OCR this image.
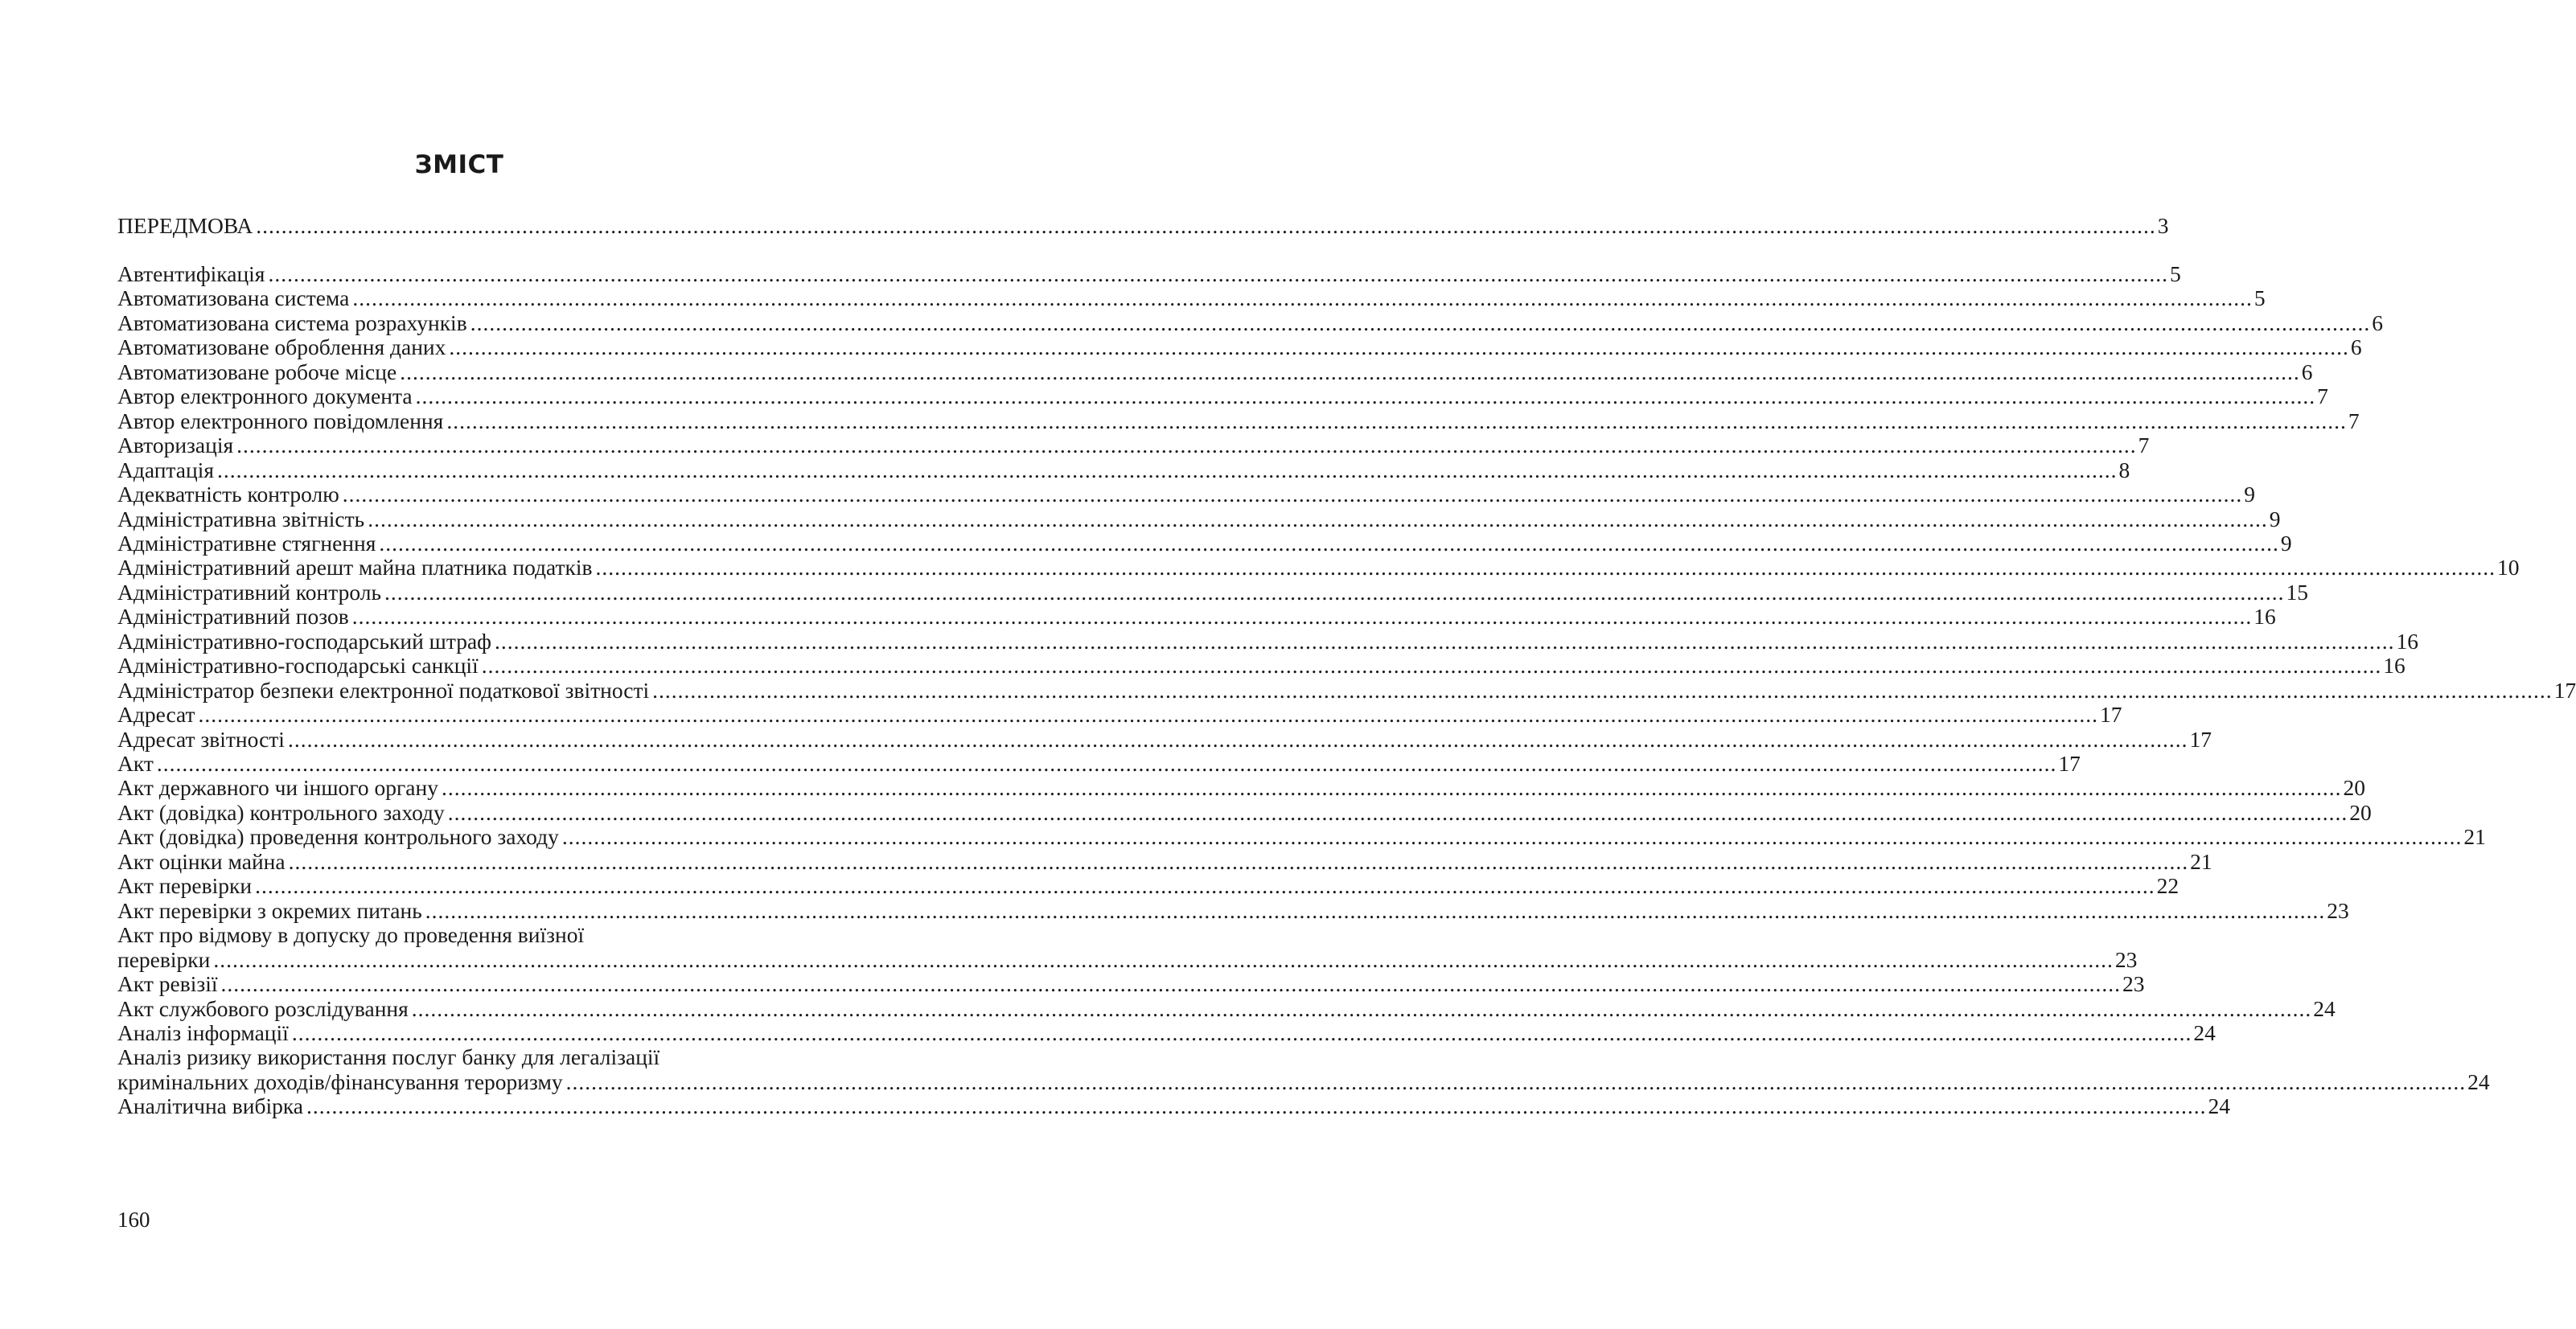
ЗМІСТ
ПЕРЕДМОВА ............................................................................................................................................................................................................................................................................................................ 3
Автентифікація ............................................................................................................................................................................................................................................................................................................ 5
Автоматизована система ............................................................................................................................................................................................................................................................................................................ 5
Автоматизована система розрахунків ............................................................................................................................................................................................................................................................................................................ 6
Автоматизоване оброблення даних ............................................................................................................................................................................................................................................................................................................ 6
Автоматизоване робоче місце ............................................................................................................................................................................................................................................................................................................ 6
Автор електронного документа ............................................................................................................................................................................................................................................................................................................ 7
Автор електронного повідомлення ............................................................................................................................................................................................................................................................................................................ 7
Авторизація ............................................................................................................................................................................................................................................................................................................ 7
Адаптація ............................................................................................................................................................................................................................................................................................................ 8
Адекватність контролю ............................................................................................................................................................................................................................................................................................................ 9
Адміністративна звітність ............................................................................................................................................................................................................................................................................................................ 9
Адміністративне стягнення ............................................................................................................................................................................................................................................................................................................ 9
Адміністративний арешт майна платника податків ............................................................................................................................................................................................................................................................................................................ 10
Адміністративний контроль ............................................................................................................................................................................................................................................................................................................ 15
Адміністративний позов ............................................................................................................................................................................................................................................................................................................ 16
Адміністративно-господарський штраф ............................................................................................................................................................................................................................................................................................................ 16
Адміністративно-господарські санкції ............................................................................................................................................................................................................................................................................................................ 16
Адміністратор безпеки електронної податкової звітності ............................................................................................................................................................................................................................................................................................................ 17
Адресат ............................................................................................................................................................................................................................................................................................................ 17
Адресат звітності ............................................................................................................................................................................................................................................................................................................ 17
Акт ............................................................................................................................................................................................................................................................................................................ 17
Акт державного чи іншого органу ............................................................................................................................................................................................................................................................................................................ 20
Акт (довідка) контрольного заходу ............................................................................................................................................................................................................................................................................................................ 20
Акт (довідка) проведення контрольного заходу ............................................................................................................................................................................................................................................................................................................ 21
Акт оцінки майна ............................................................................................................................................................................................................................................................................................................ 21
Акт перевірки ............................................................................................................................................................................................................................................................................................................ 22
Акт перевірки з окремих питань ............................................................................................................................................................................................................................................................................................................ 23
Акт про відмову в допуску до проведення виїзної
перевірки ............................................................................................................................................................................................................................................................................................................ 23
Акт ревізії ............................................................................................................................................................................................................................................................................................................ 23
Акт службового розслідування ............................................................................................................................................................................................................................................................................................................ 24
Аналіз інформації ............................................................................................................................................................................................................................................................................................................ 24
Аналіз ризику використання послуг банку для легалізації
кримінальних доходів/фінансування тероризму ............................................................................................................................................................................................................................................................................................................ 24
Аналітична вибірка ............................................................................................................................................................................................................................................................................................................ 24
160
